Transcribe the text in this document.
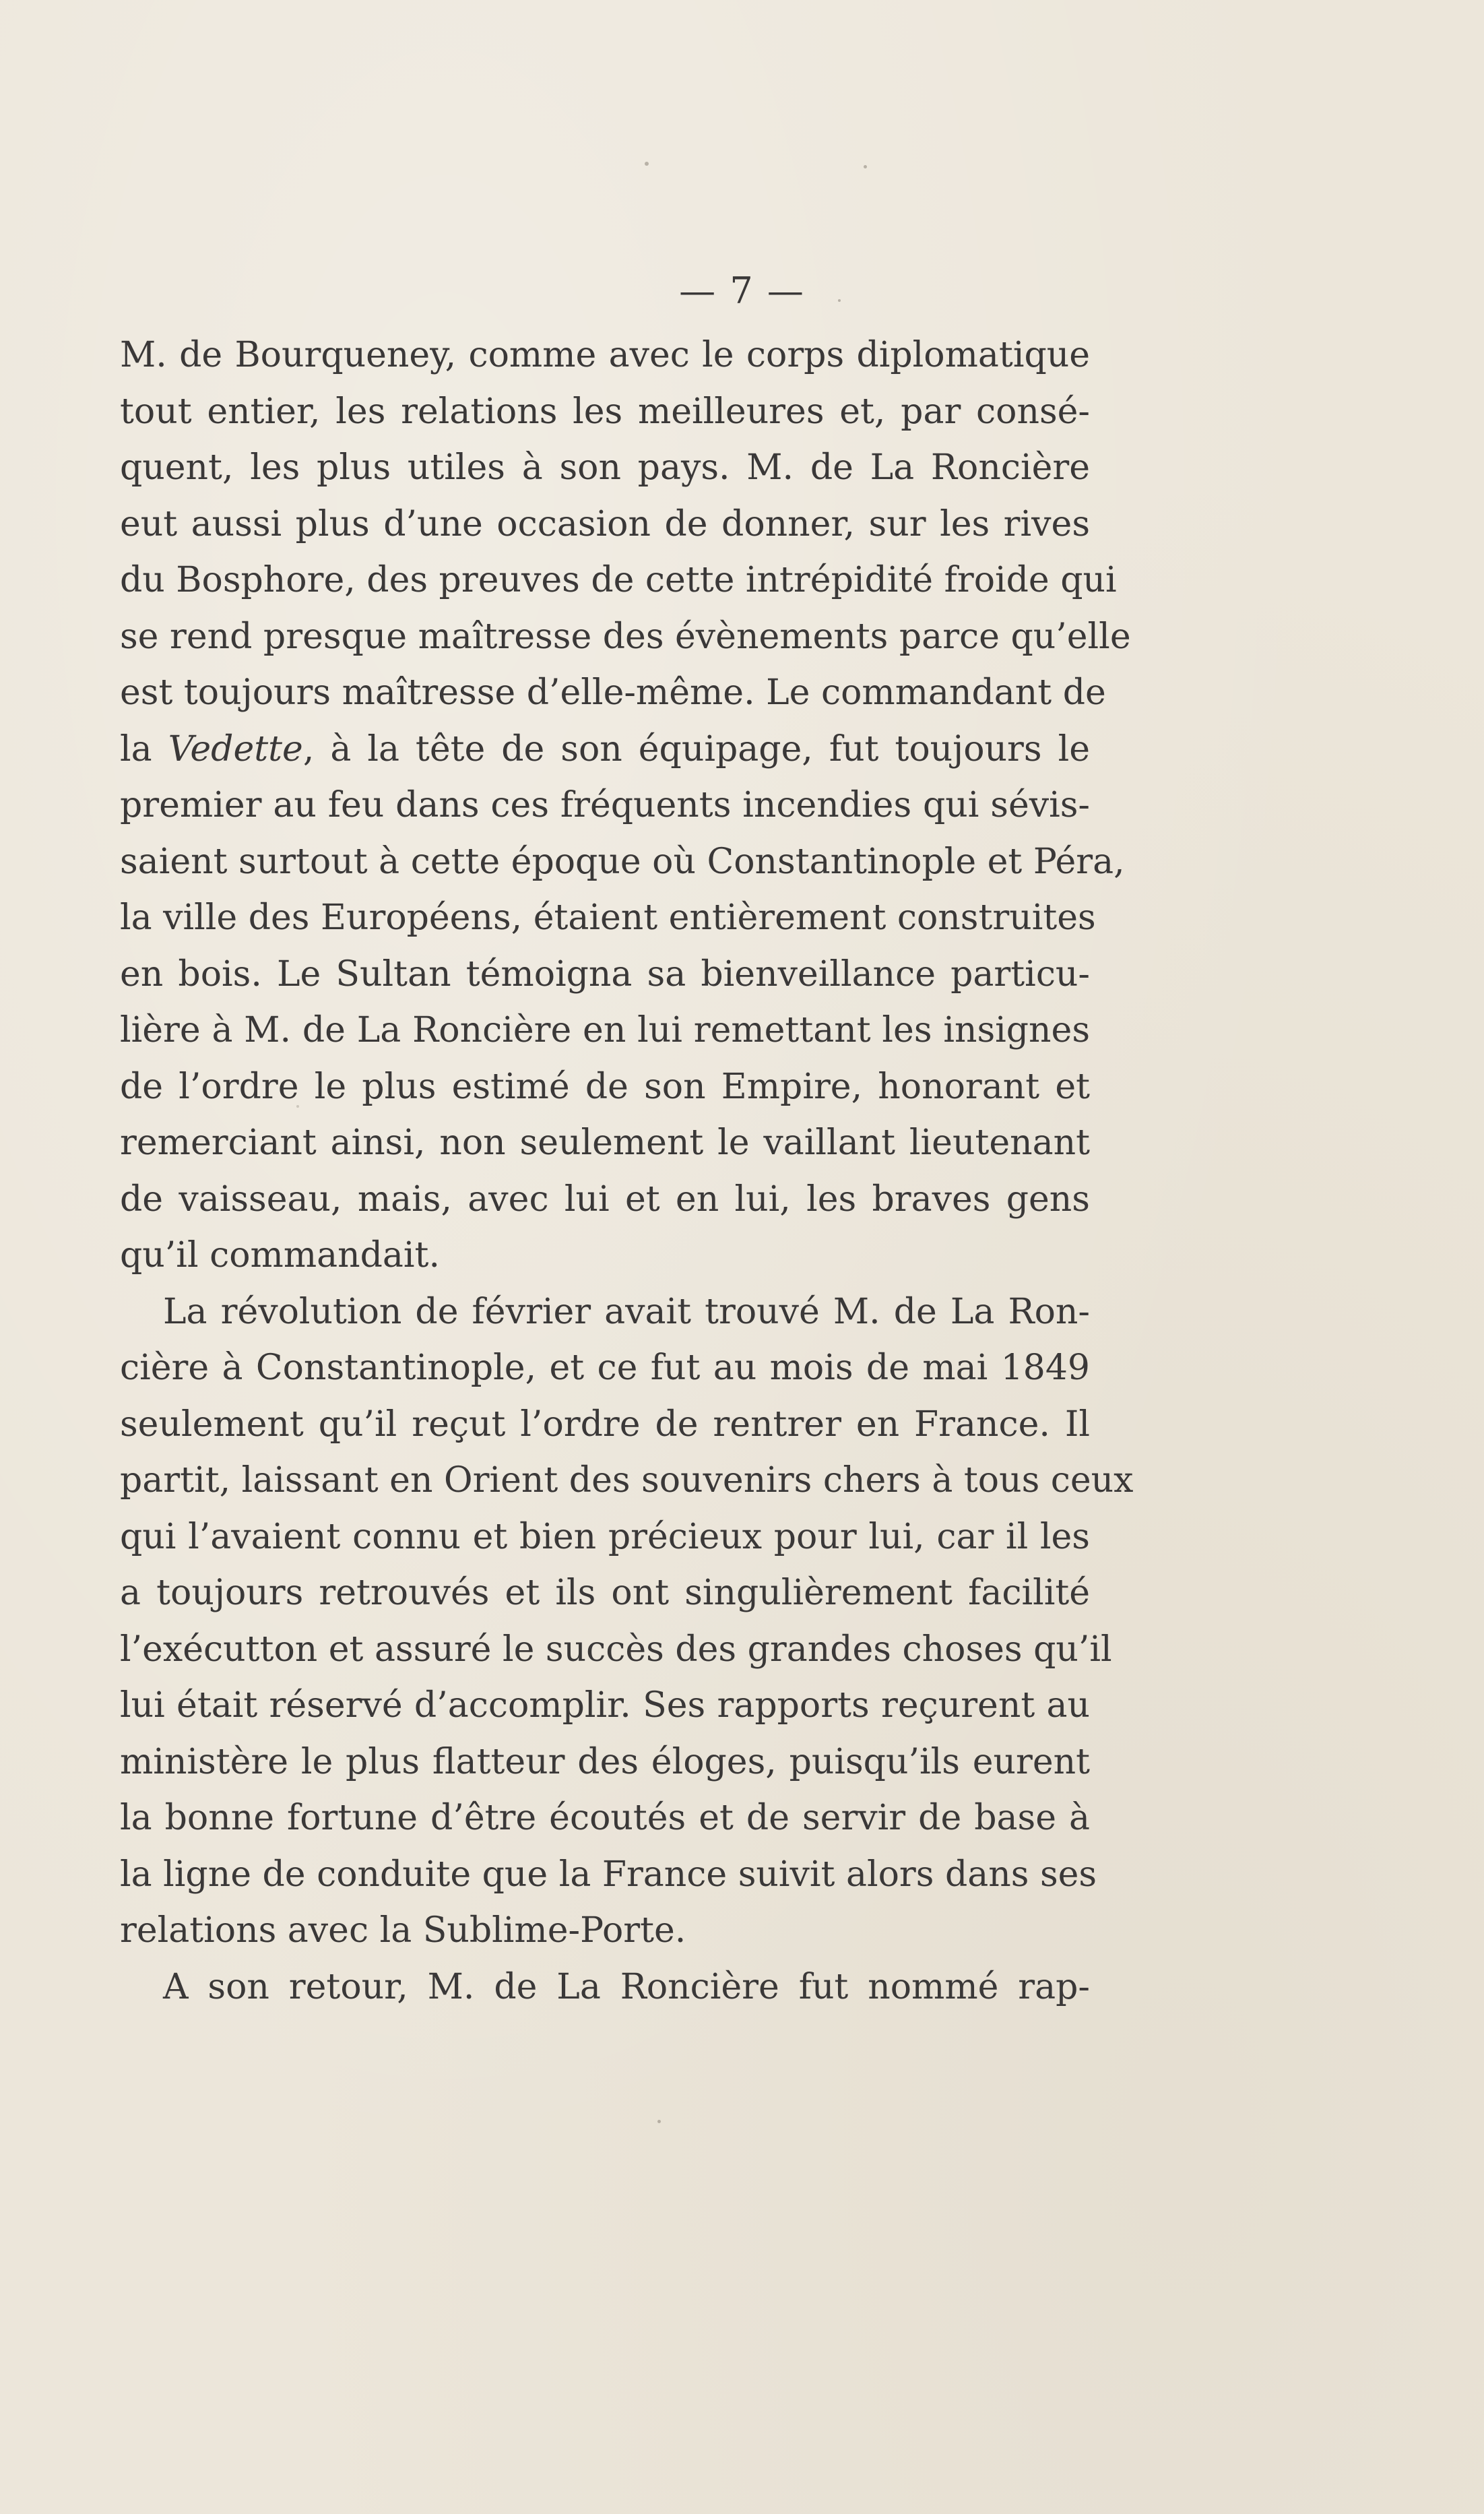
— 7 —

M. de Bourqueney, comme avec le corps diplomatique
tout entier, les relations les meilleures et, par consé-
quent, les plus utiles à son pays. M. de La Roncière
eut aussi plus d’une occasion de donner, sur les rives
du Bosphore, des preuves de cette intrépidité froide qui
se rend presque maîtresse des évènements parce qu’elle
est toujours maîtresse d’elle-même. Le commandant de
la Vedette, à la tête de son équipage, fut toujours le
premier au feu dans ces fréquents incendies qui sévis-
saient surtout à cette époque où Constantinople et Péra,
la ville des Européens, étaient entièrement construites
en bois. Le Sultan témoigna sa bienveillance particu-
lière à M. de La Roncière en lui remettant les insignes
de l’ordre le plus estimé de son Empire, honorant et
remerciant ainsi, non seulement le vaillant lieutenant
de vaisseau, mais, avec lui et en lui, les braves gens
qu’il commandait.

La révolution de février avait trouvé M. de La Ron-
cière à Constantinople, et ce fut au mois de mai 1849
seulement qu’il reçut l’ordre de rentrer en France. Il
partit, laissant en Orient des souvenirs chers à tous ceux
qui l’avaient connu et bien précieux pour lui, car il les
a toujours retrouvés et ils ont singulièrement facilité
l’exécutton et assuré le succès des grandes choses qu’il
lui était réservé d’accomplir. Ses rapports reçurent au
ministère le plus flatteur des éloges, puisqu’ils eurent
la bonne fortune d’être écoutés et de servir de base à
la ligne de conduite que la France suivit alors dans ses
relations avec la Sublime-Porte.

A son retour, M. de La Roncière fut nommé rap-
